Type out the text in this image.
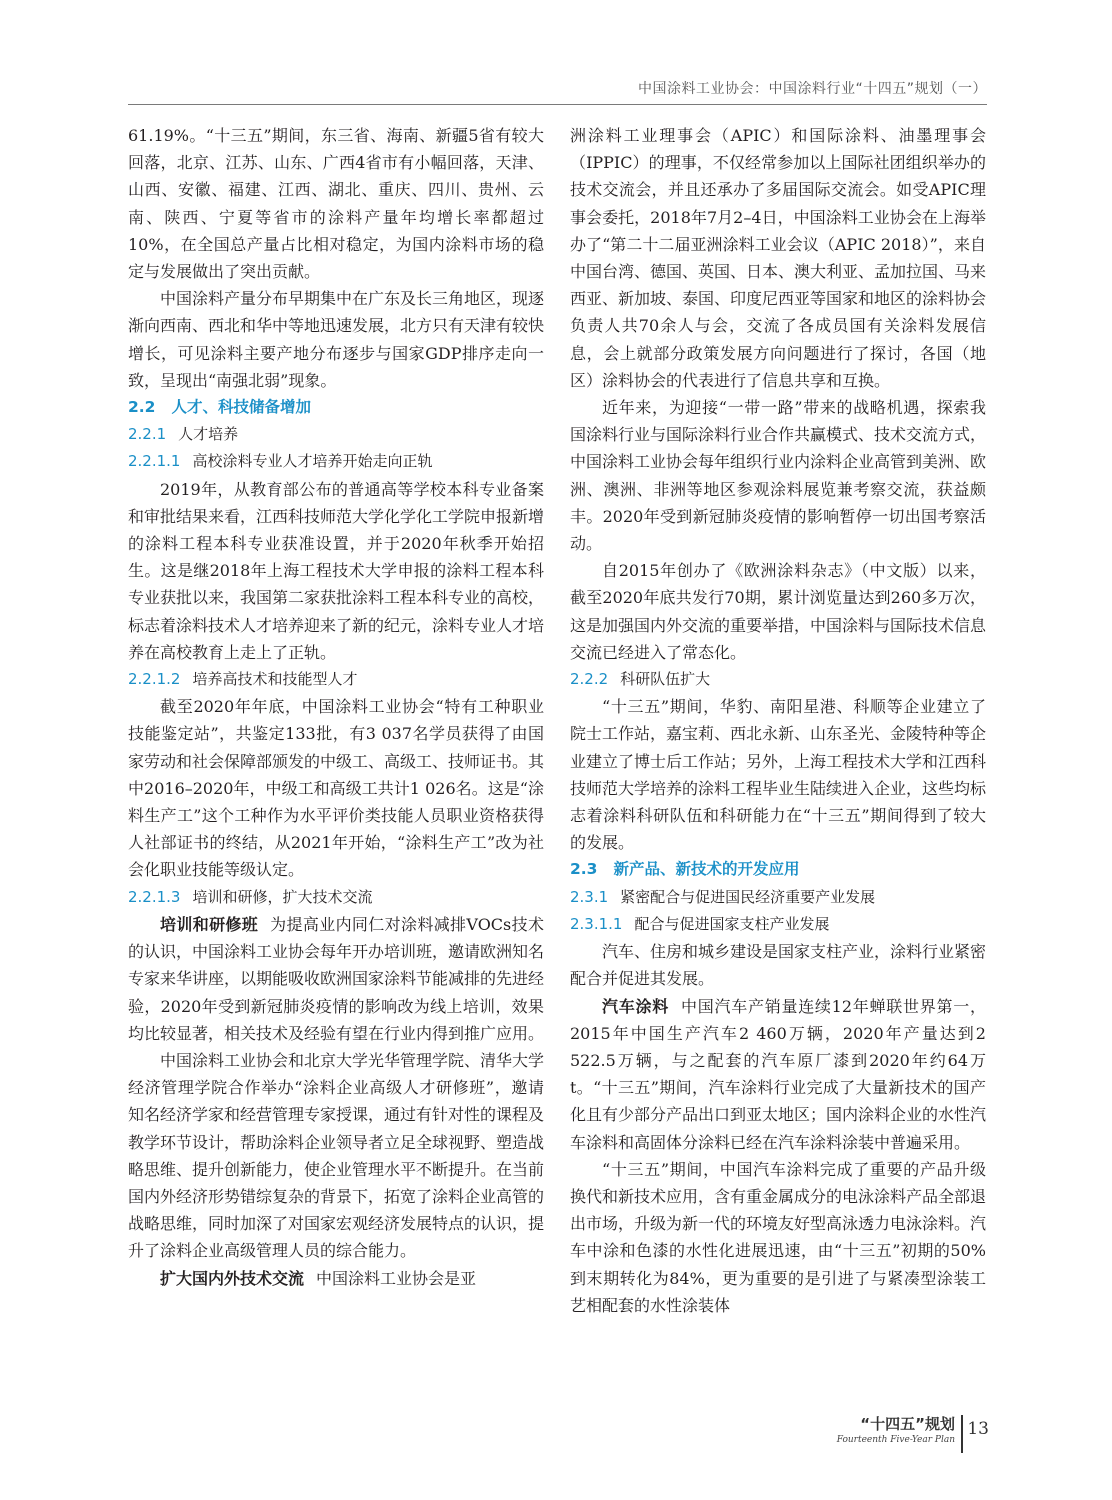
中国涂料工业协会：中国涂料行业“十四五”规划（一）

61.19%。“十三五”期间，东三省、海南、新疆5省有较大回落，北京、江苏、山东、广西4省市有小幅回落，天津、山西、安徽、福建、江西、湖北、重庆、四川、贵州、云南、陕西、宁夏等省市的涂料产量年均增长率都超过10%，在全国总产量占比相对稳定，为国内涂料市场的稳定与发展做出了突出贡献。

中国涂料产量分布早期集中在广东及长三角地区，现逐渐向西南、西北和华中等地迅速发展，北方只有天津有较快增长，可见涂料主要产地分布逐步与国家GDP排序走向一致，呈现出“南强北弱”现象。

2.2 人才、科技储备增加
2.2.1 人才培养
2.2.1.1 高校涂料专业人才培养开始走向正轨

2019年，从教育部公布的普通高等学校本科专业备案和审批结果来看，江西科技师范大学化学化工学院申报新增的涂料工程本科专业获准设置，并于2020年秋季开始招生。这是继2018年上海工程技术大学申报的涂料工程本科专业获批以来，我国第二家获批涂料工程本科专业的高校，标志着涂料技术人才培养迎来了新的纪元，涂料专业人才培养在高校教育上走上了正轨。

2.2.1.2 培养高技术和技能型人才

截至2020年年底，中国涂料工业协会“特有工种职业技能鉴定站”，共鉴定133批，有3 037名学员获得了由国家劳动和社会保障部颁发的中级工、高级工、技师证书。其中2016–2020年，中级工和高级工共计1 026名。这是“涂料生产工”这个工种作为水平评价类技能人员职业资格获得人社部证书的终结，从2021年开始，“涂料生产工”改为社会化职业技能等级认定。

2.2.1.3 培训和研修，扩大技术交流

培训和研修班 为提高业内同仁对涂料减排VOCs技术的认识，中国涂料工业协会每年开办培训班，邀请欧洲知名专家来华讲座，以期能吸收欧洲国家涂料节能减排的先进经验，2020年受到新冠肺炎疫情的影响改为线上培训，效果均比较显著，相关技术及经验有望在行业内得到推广应用。

中国涂料工业协会和北京大学光华管理学院、清华大学经济管理学院合作举办“涂料企业高级人才研修班”，邀请知名经济学家和经营管理专家授课，通过有针对性的课程及教学环节设计，帮助涂料企业领导者立足全球视野、塑造战略思维、提升创新能力，使企业管理水平不断提升。在当前国内外经济形势错综复杂的背景下，拓宽了涂料企业高管的战略思维，同时加深了对国家宏观经济发展特点的认识，提升了涂料企业高级管理人员的综合能力。

扩大国内外技术交流 中国涂料工业协会是亚

洲涂料工业理事会（APIC）和国际涂料、油墨理事会（IPPIC）的理事，不仅经常参加以上国际社团组织举办的技术交流会，并且还承办了多届国际交流会。如受APIC理事会委托，2018年7月2–4日，中国涂料工业协会在上海举办了“第二十二届亚洲涂料工业会议（APIC 2018）”，来自中国台湾、德国、英国、日本、澳大利亚、孟加拉国、马来西亚、新加坡、泰国、印度尼西亚等国家和地区的涂料协会负责人共70余人与会，交流了各成员国有关涂料发展信息，会上就部分政策发展方向问题进行了探讨，各国（地区）涂料协会的代表进行了信息共享和互换。

近年来，为迎接“一带一路”带来的战略机遇，探索我国涂料行业与国际涂料行业合作共赢模式、技术交流方式，中国涂料工业协会每年组织行业内涂料企业高管到美洲、欧洲、澳洲、非洲等地区参观涂料展览兼考察交流，获益颇丰。2020年受到新冠肺炎疫情的影响暂停一切出国考察活动。

自2015年创办了《欧洲涂料杂志》（中文版）以来，截至2020年底共发行70期，累计浏览量达到260多万次，这是加强国内外交流的重要举措，中国涂料与国际技术信息交流已经进入了常态化。

2.2.2 科研队伍扩大

“十三五”期间，华豹、南阳星港、科顺等企业建立了院士工作站，嘉宝莉、西北永新、山东圣光、金陵特种等企业建立了博士后工作站；另外，上海工程技术大学和江西科技师范大学培养的涂料工程毕业生陆续进入企业，这些均标志着涂料科研队伍和科研能力在“十三五”期间得到了较大的发展。

2.3 新产品、新技术的开发应用
2.3.1 紧密配合与促进国民经济重要产业发展
2.3.1.1 配合与促进国家支柱产业发展

汽车、住房和城乡建设是国家支柱产业，涂料行业紧密配合并促进其发展。

汽车涂料 中国汽车产销量连续12年蝉联世界第一，2015年中国生产汽车2 460万辆，2020年产量达到2 522.5万辆，与之配套的汽车原厂漆到2020年约64万t。“十三五”期间，汽车涂料行业完成了大量新技术的国产化且有少部分产品出口到亚太地区；国内涂料企业的水性汽车涂料和高固体分涂料已经在汽车涂料涂装中普遍采用。

“十三五”期间，中国汽车涂料完成了重要的产品升级换代和新技术应用，含有重金属成分的电泳涂料产品全部退出市场，升级为新一代的环境友好型高泳透力电泳涂料。汽车中涂和色漆的水性化进展迅速，由“十三五”初期的50%到末期转化为84%，更为重要的是引进了与紧凑型涂装工艺相配套的水性涂装体

“十四五”规划
Fourteenth Five-Year Plan
13
